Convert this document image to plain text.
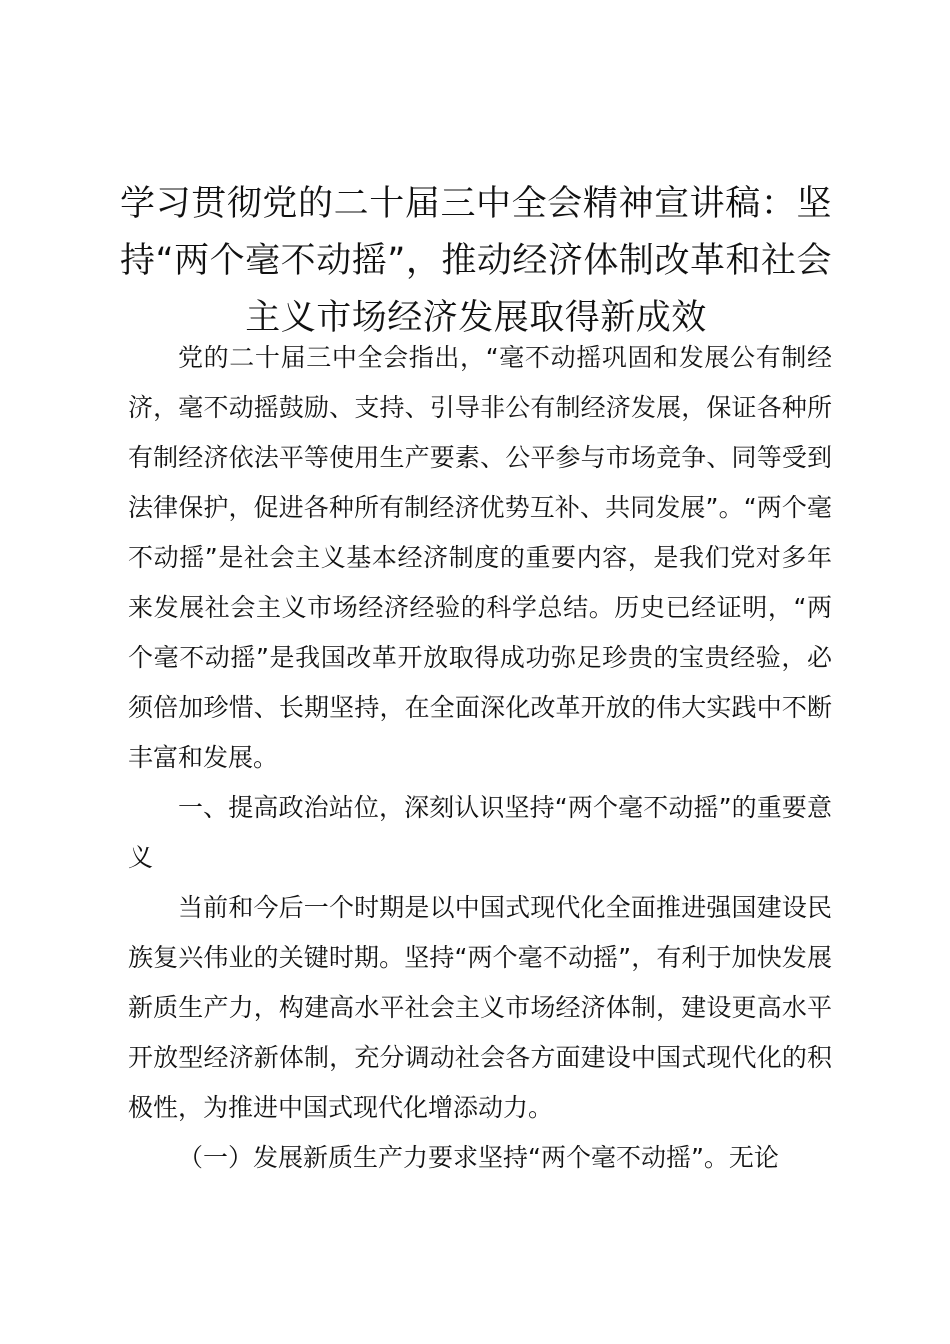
学习贯彻党的二十届三中全会精神宣讲稿：坚持“两个毫不动摇”，推动经济体制改革和社会主义市场经济发展取得新成效

党的二十届三中全会指出，“毫不动摇巩固和发展公有制经济，毫不动摇鼓励、支持、引导非公有制经济发展，保证各种所有制经济依法平等使用生产要素、公平参与市场竞争、同等受到法律保护，促进各种所有制经济优势互补、共同发展”。“两个毫不动摇”是社会主义基本经济制度的重要内容，是我们党对多年来发展社会主义市场经济经验的科学总结。历史已经证明，“两个毫不动摇”是我国改革开放取得成功弥足珍贵的宝贵经验，必须倍加珍惜、长期坚持，在全面深化改革开放的伟大实践中不断丰富和发展。

一、提高政治站位，深刻认识坚持“两个毫不动摇”的重要意义

当前和今后一个时期是以中国式现代化全面推进强国建设民族复兴伟业的关键时期。坚持“两个毫不动摇”，有利于加快发展新质生产力，构建高水平社会主义市场经济体制，建设更高水平开放型经济新体制，充分调动社会各方面建设中国式现代化的积极性，为推进中国式现代化增添动力。

（一）发展新质生产力要求坚持“两个毫不动摇”。无论
